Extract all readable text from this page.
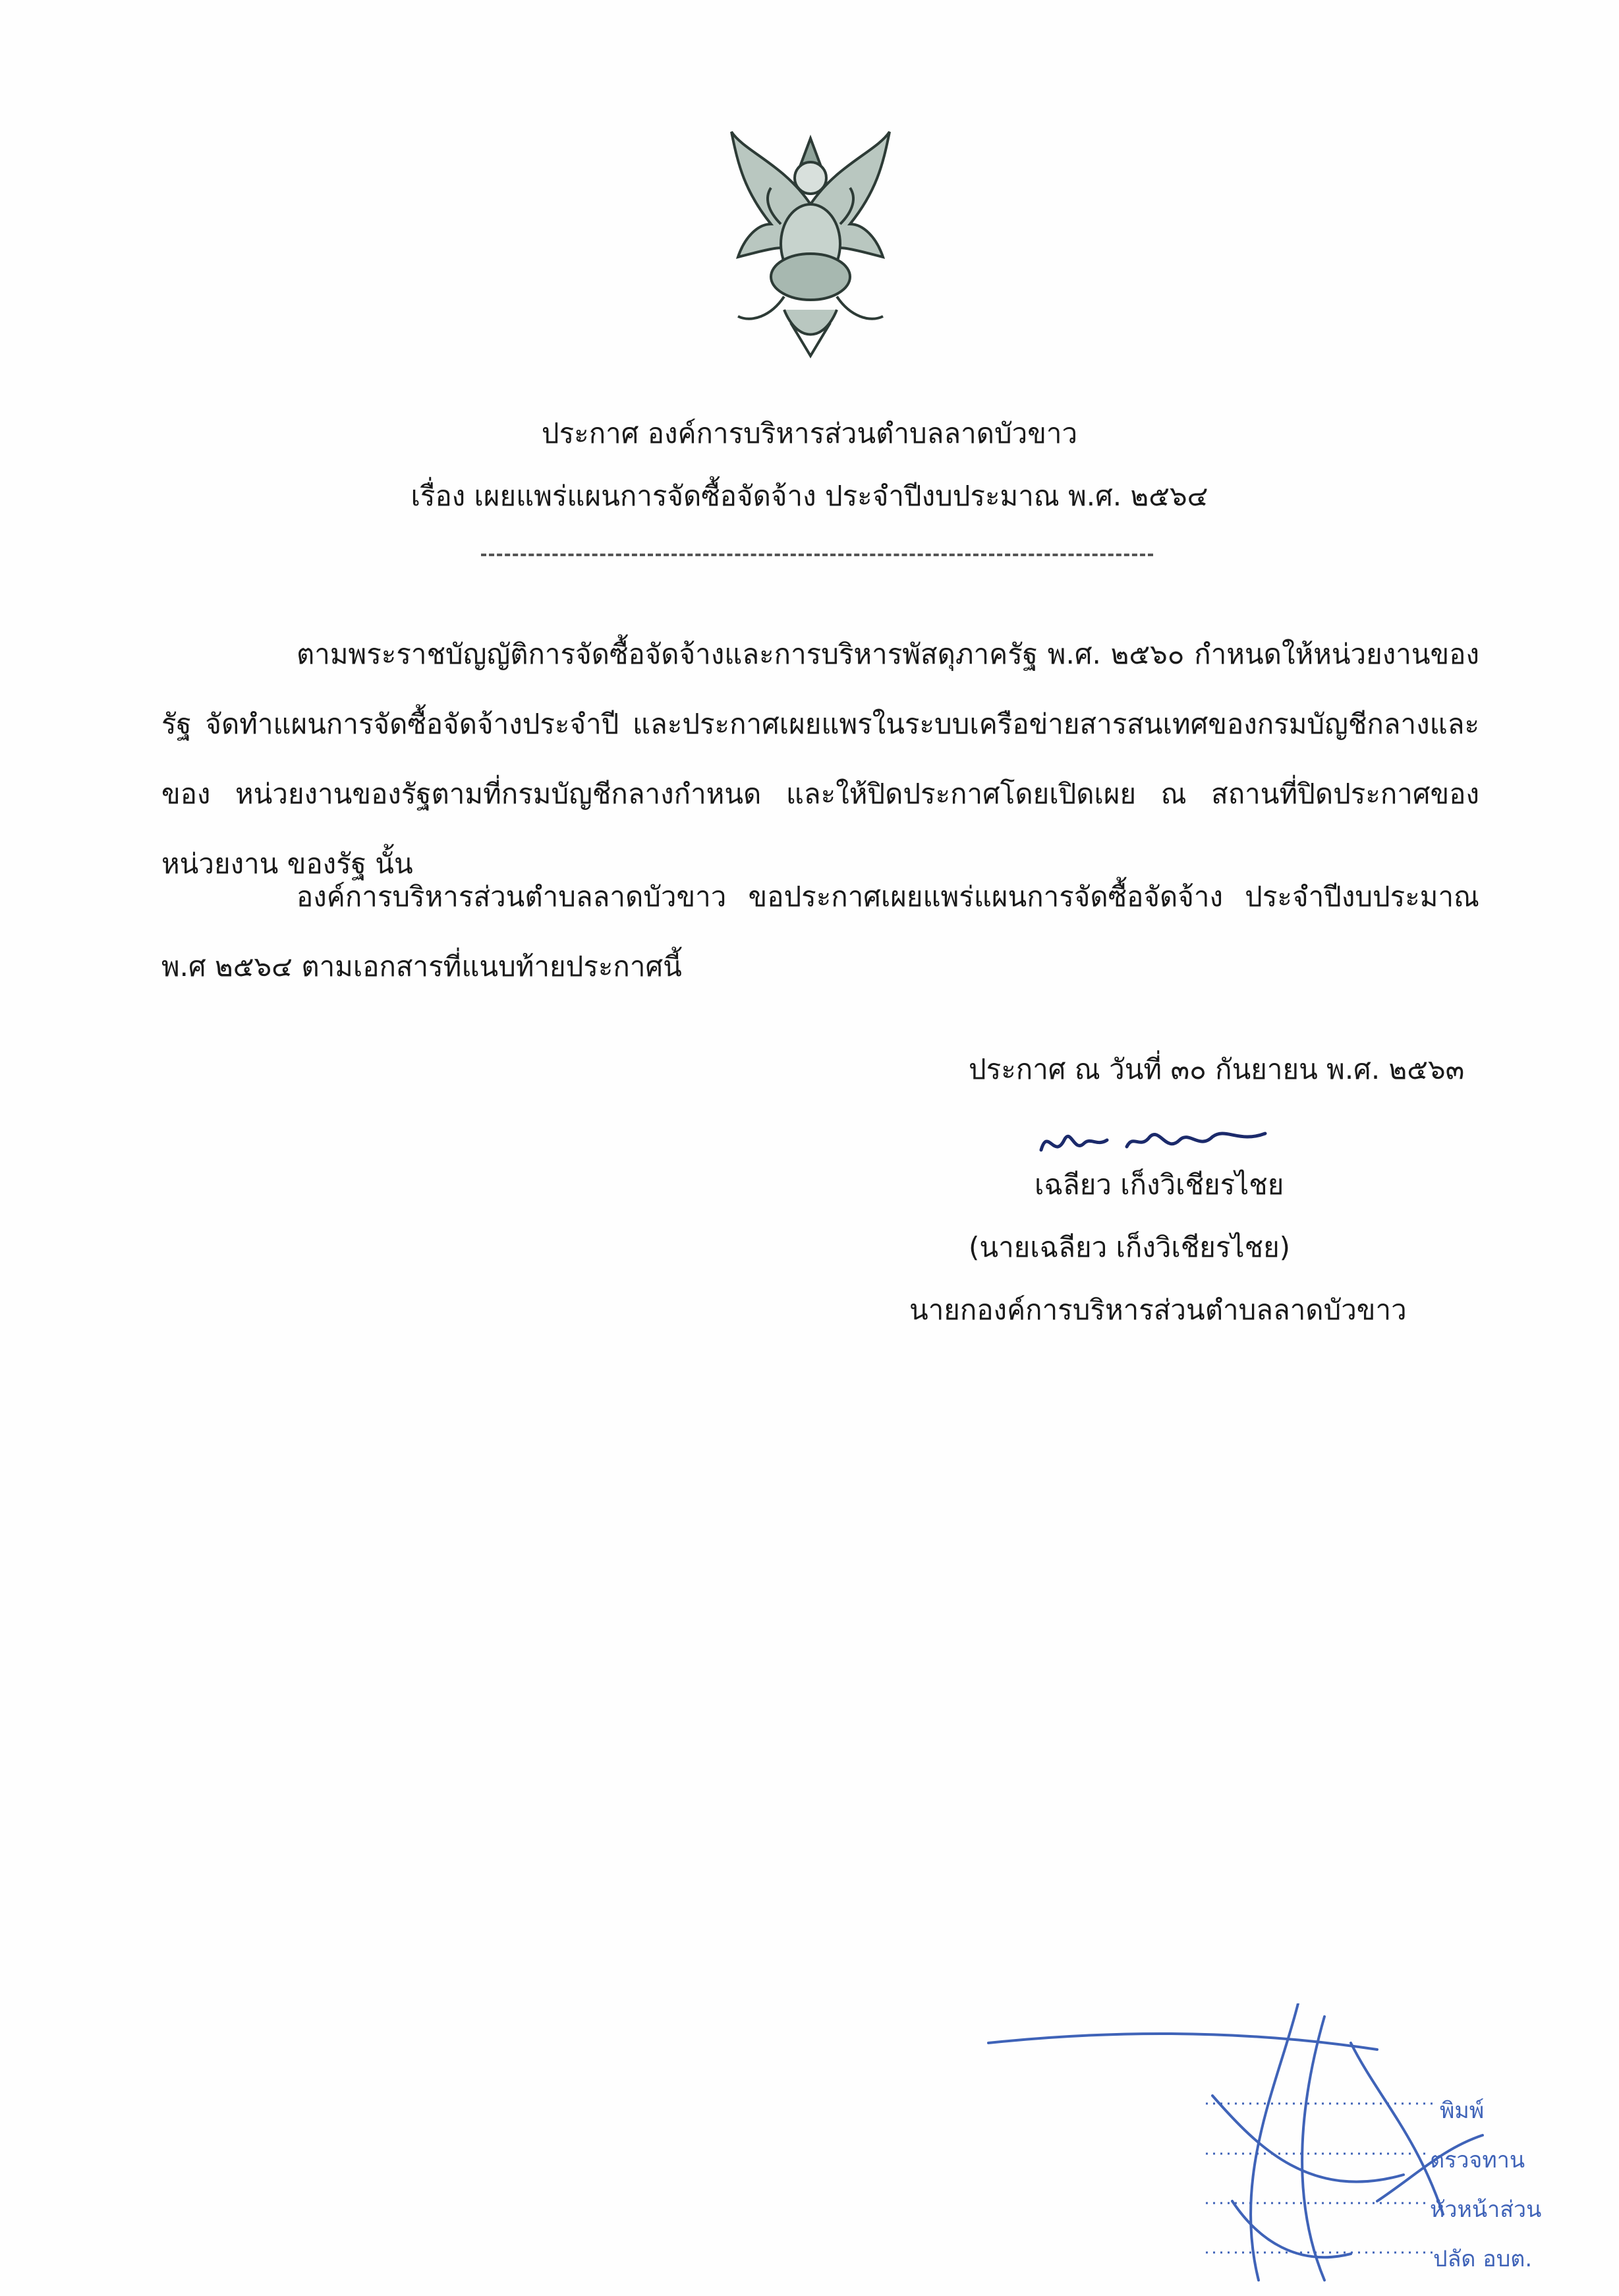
ประกาศ องค์การบริหารส่วนตำบลลาดบัวขาว
เรื่อง เผยแพร่แผนการจัดซื้อจัดจ้าง ประจำปีงบประมาณ พ.ศ. ๒๕๖๔
ตามพระราชบัญญัติการจัดซื้อจัดจ้างและการบริหารพัสดุภาครัฐ พ.ศ. ๒๕๖๐ กำหนดให้หน่วยงานของรัฐ จัดทำแผนการจัดซื้อจัดจ้างประจำปี และประกาศเผยแพรในระบบเครือข่ายสารสนเทศของกรมบัญชีกลางและของ หน่วยงานของรัฐตามที่กรมบัญชีกลางกำหนด และให้ปิดประกาศโดยเปิดเผย ณ สถานที่ปิดประกาศของหน่วยงาน ของรัฐ นั้น
องค์การบริหารส่วนตำบลลาดบัวขาว ขอประกาศเผยแพร่แผนการจัดซื้อจัดจ้าง ประจำปีงบประมาณ พ.ศ ๒๕๖๔ ตามเอกสารที่แนบท้ายประกาศนี้
ประกาศ ณ วันที่ ๓๐ กันยายน พ.ศ. ๒๕๖๓
เฉลียว เก็งวิเชียรไชย
(นายเฉลียว เก็งวิเชียรไชย)
นายกองค์การบริหารส่วนตำบลลาดบัวขาว
พิมพ์
ตรวจทาน
หัวหน้าส่วน
ปลัด อบต.
